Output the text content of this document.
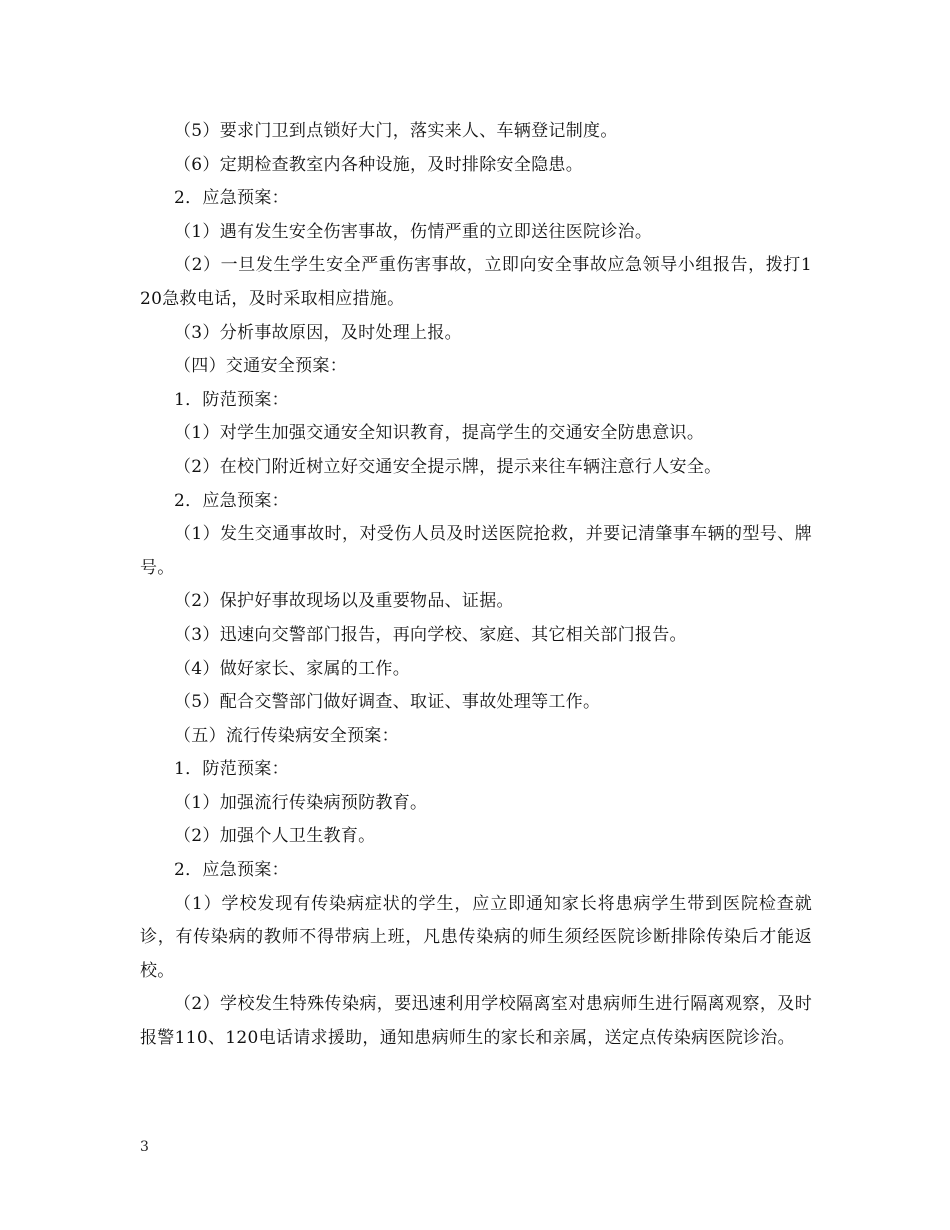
（5）要求门卫到点锁好大门，落实来人、车辆登记制度。

（6）定期检查教室内各种设施，及时排除安全隐患。

2．应急预案：

（1）遇有发生安全伤害事故，伤情严重的立即送往医院诊治。

（2）一旦发生学生安全严重伤害事故，立即向安全事故应急领导小组报告，拨打120急救电话，及时采取相应措施。

（3）分析事故原因，及时处理上报。

（四）交通安全预案：

1．防范预案：

（1）对学生加强交通安全知识教育，提高学生的交通安全防患意识。

（2）在校门附近树立好交通安全提示牌，提示来往车辆注意行人安全。

2．应急预案：

（1）发生交通事故时，对受伤人员及时送医院抢救，并要记清肇事车辆的型号、牌号。

（2）保护好事故现场以及重要物品、证据。

（3）迅速向交警部门报告，再向学校、家庭、其它相关部门报告。

（4）做好家长、家属的工作。

（5）配合交警部门做好调查、取证、事故处理等工作。

（五）流行传染病安全预案：

1．防范预案：

（1）加强流行传染病预防教育。

（2）加强个人卫生教育。

2．应急预案：

（1）学校发现有传染病症状的学生，应立即通知家长将患病学生带到医院检查就诊，有传染病的教师不得带病上班，凡患传染病的师生须经医院诊断排除传染后才能返校。

（2）学校发生特殊传染病，要迅速利用学校隔离室对患病师生进行隔离观察，及时报警110、120电话请求援助，通知患病师生的家长和亲属，送定点传染病医院诊治。

3
